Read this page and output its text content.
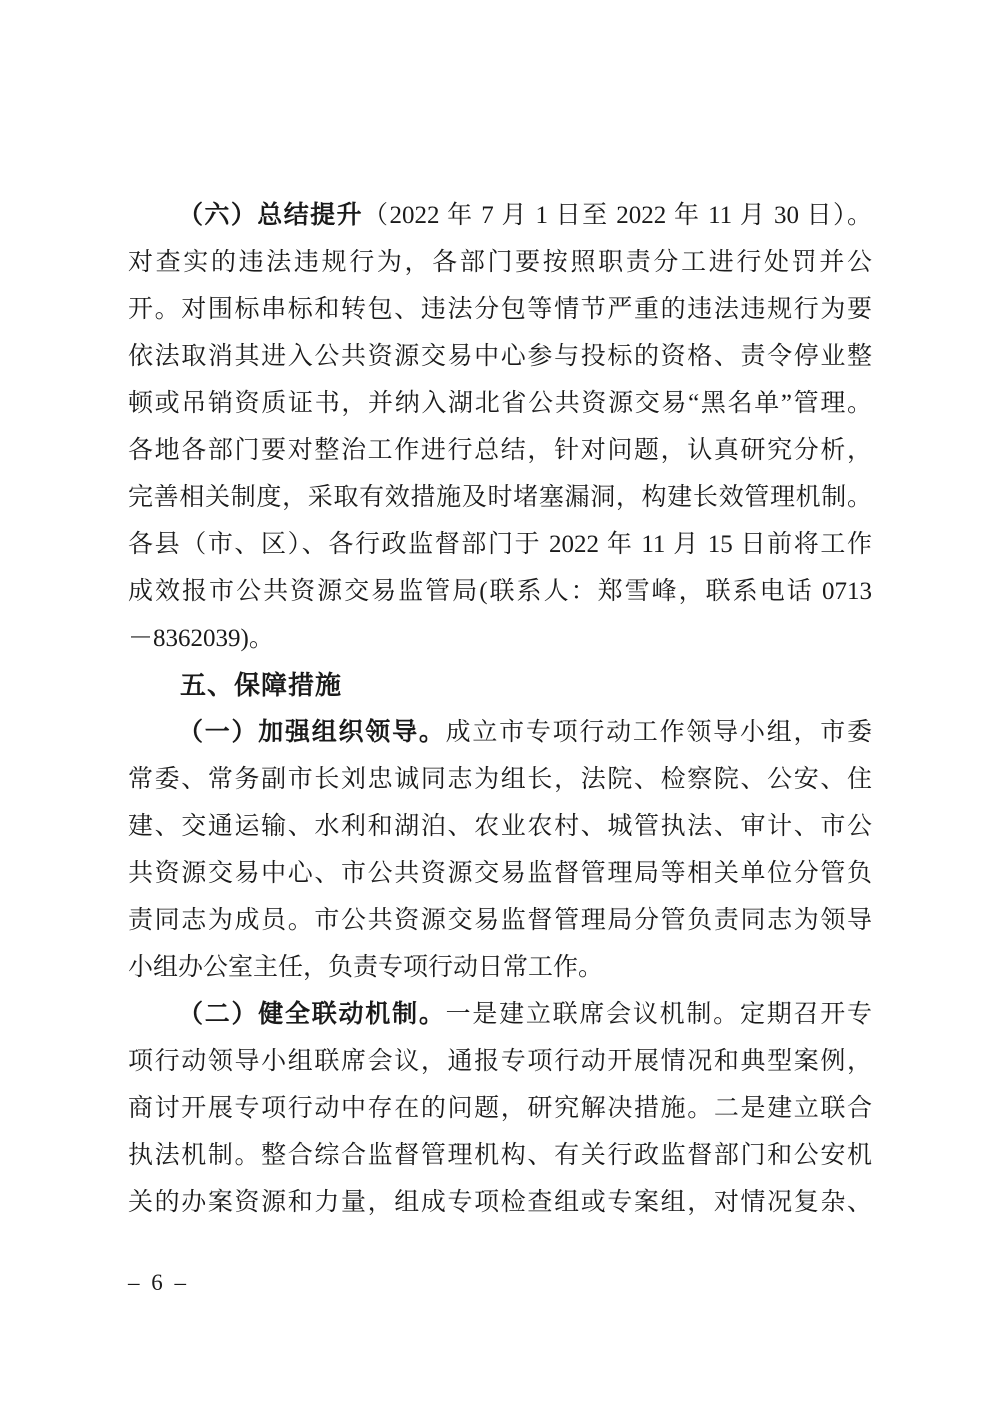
（六）总结提升（2022 年 7 月 1 日至 2022 年 11 月 30 日）。
对查实的违法违规行为，各部门要按照职责分工进行处罚并公
开。对围标串标和转包、违法分包等情节严重的违法违规行为要
依法取消其进入公共资源交易中心参与投标的资格、责令停业整
顿或吊销资质证书，并纳入湖北省公共资源交易“黑名单”管理。
各地各部门要对整治工作进行总结，针对问题，认真研究分析，
完善相关制度，采取有效措施及时堵塞漏洞，构建长效管理机制。
各县（市、区）、各行政监督部门于 2022 年 11 月 15 日前将工作
成效报市公共资源交易监管局(联系人：郑雪峰，联系电话 0713
－8362039)。
五、保障措施
（一）加强组织领导。成立市专项行动工作领导小组，市委
常委、常务副市长刘忠诚同志为组长，法院、检察院、公安、住
建、交通运输、水利和湖泊、农业农村、城管执法、审计、市公
共资源交易中心、市公共资源交易监督管理局等相关单位分管负
责同志为成员。市公共资源交易监督管理局分管负责同志为领导
小组办公室主任，负责专项行动日常工作。
（二）健全联动机制。一是建立联席会议机制。定期召开专
项行动领导小组联席会议，通报专项行动开展情况和典型案例，
商讨开展专项行动中存在的问题，研究解决措施。二是建立联合
执法机制。整合综合监督管理机构、有关行政监督部门和公安机
关的办案资源和力量，组成专项检查组或专案组，对情况复杂、
– 6 –
